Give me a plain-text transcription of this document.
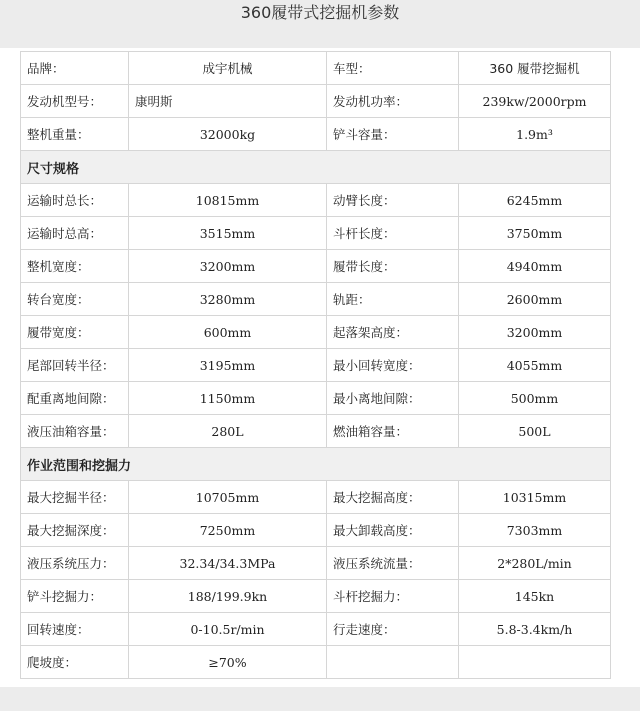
360履带式挖掘机参数
品牌：	成宇机械	车型：	360 履带挖掘机
发动机型号：	康明斯	发动机功率：	239kw/2000rpm
整机重量：	32000kg	铲斗容量：	1.9m³
尺寸规格			
运输时总长：	10815mm	动臂长度：	6245mm
运输时总高：	3515mm	斗杆长度：	3750mm
整机宽度：	3200mm	履带长度：	4940mm
转台宽度：	3280mm	轨距：	2600mm
履带宽度：	600mm	起落架高度：	3200mm
尾部回转半径：	3195mm	最小回转宽度：	4055mm
配重离地间隙：	1150mm	最小离地间隙：	500mm
液压油箱容量：	280L	燃油箱容量：	500L
作业范围和挖掘力			
最大挖掘半径：	10705mm	最大挖掘高度：	10315mm
最大挖掘深度：	7250mm	最大卸载高度：	7303mm
液压系统压力：	32.34/34.3MPa	液压系统流量：	2*280L/min
铲斗挖掘力：	188/199.9kn	斗杆挖掘力：	145kn
回转速度：	0-10.5r/min	行走速度：	5.8-3.4km/h
爬坡度：	≥70%		
